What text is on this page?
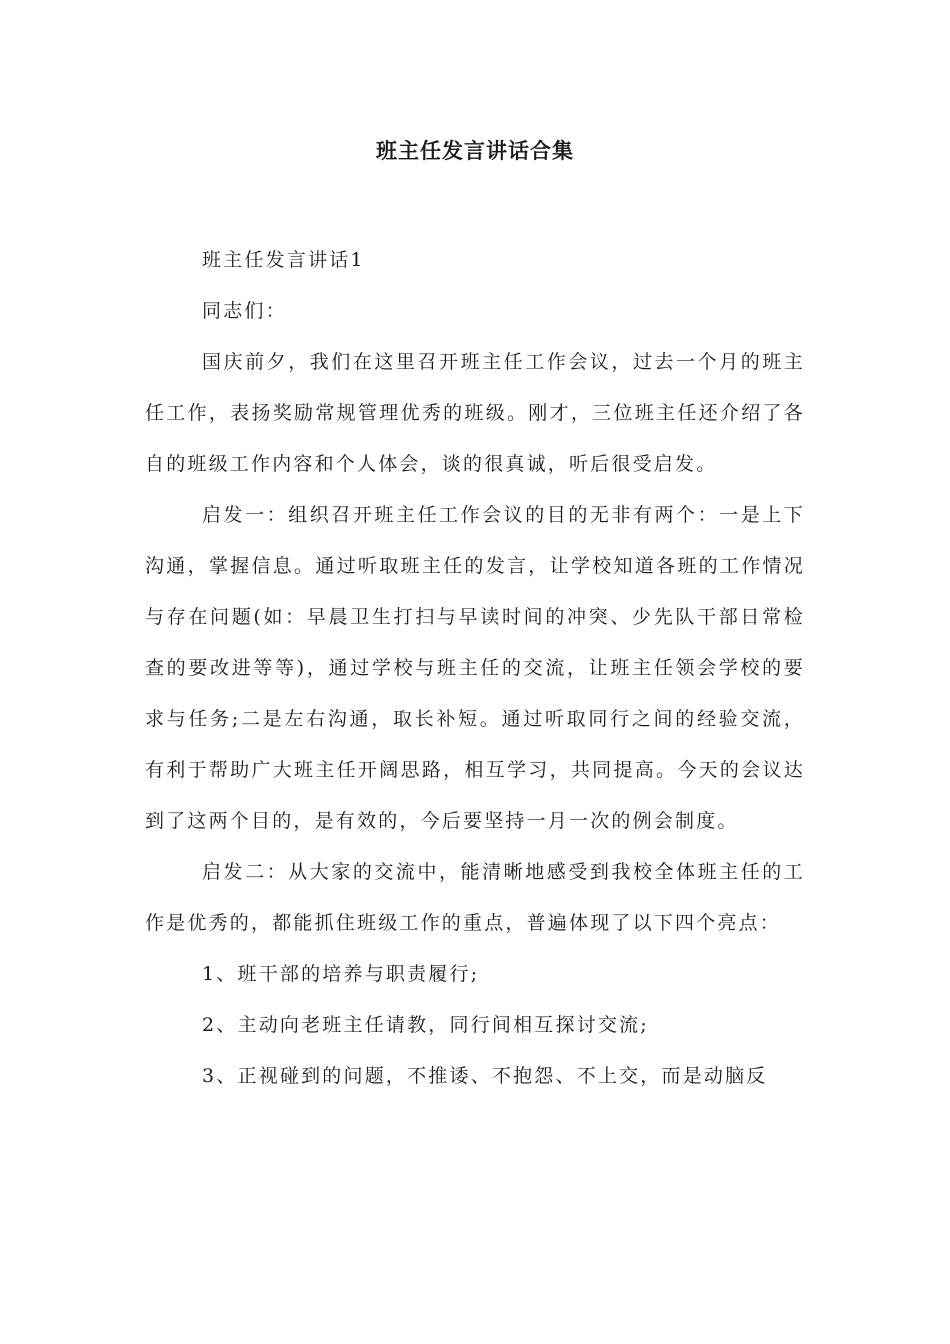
班主任发言讲话合集

班主任发言讲话1

同志们：

国庆前夕，我们在这里召开班主任工作会议，过去一个月的班主任工作，表扬奖励常规管理优秀的班级。刚才，三位班主任还介绍了各自的班级工作内容和个人体会，谈的很真诚，听后很受启发。

启发一：组织召开班主任工作会议的目的无非有两个：一是上下沟通，掌握信息。通过听取班主任的发言，让学校知道各班的工作情况与存在问题(如：早晨卫生打扫与早读时间的冲突、少先队干部日常检查的要改进等等)，通过学校与班主任的交流，让班主任领会学校的要求与任务;二是左右沟通，取长补短。通过听取同行之间的经验交流，有利于帮助广大班主任开阔思路，相互学习，共同提高。今天的会议达到了这两个目的，是有效的，今后要坚持一月一次的例会制度。

启发二：从大家的交流中，能清晰地感受到我校全体班主任的工作是优秀的，都能抓住班级工作的重点，普遍体现了以下四个亮点：

1、班干部的培养与职责履行;

2、主动向老班主任请教，同行间相互探讨交流;

3、正视碰到的问题，不推诿、不抱怨、不上交，而是动脑反
